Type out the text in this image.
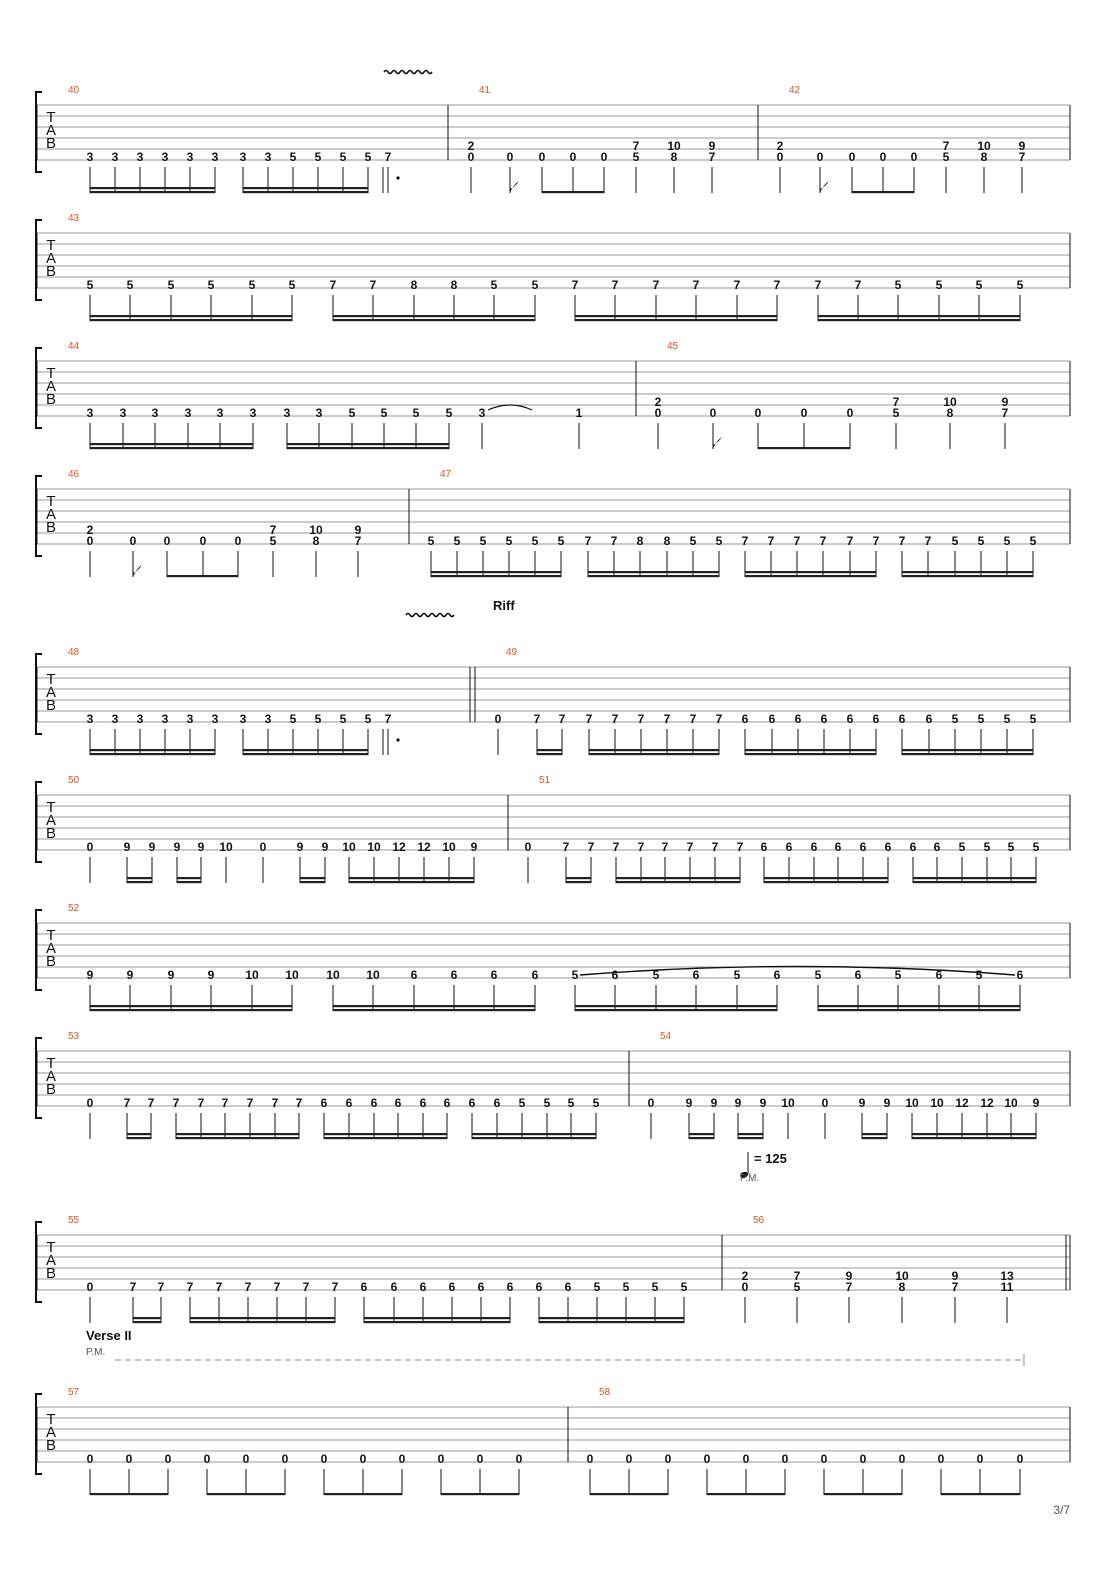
T
A
B
40
3 3 3 3 3 3 3 3 5 5 5 5 7
41
2
0	0 0 0 0
7
5
10
8
9
7
42
2
0	0 0 0 0
7
5
10
8
9
7
T
A
B
43
5	5	5	5	5	5	7	7	8	8	5	5	7	7	7	7	7	7	7	7	5	5	5	5
T
A
B
44
3 3 3 3 3 3 3 3 5 5 5 5 3	1
45
2
0	0	0	0	0
7
5
10
8
9
7
T
A
B
46
2
0	0 0 0 0
7
5
10
8
9
7
47
5 5 5 5 5 5 7 7 8 8 5 5 7 7 7 7 7 7 7 7 5 5 5 5
T
A
B
48
3 3 3 3 3 3 3 3 5 5 5 5 7
49
0	7 7 7 7 7 7 7 7 6 6 6 6 6 6 6 6 5 5 5 5
T
A
B
50
0	9 9 9 9 10 0	9 9 10 10 12 12 10 9
51
0	7 7 7 7 7 7 7 7 6 6 6 6 6 6 6 6 5 5 5 5
T
A
B
52
9	9	9	9	10 10 10 10	6	6	6	6	5	6	5	6	5	6	5	6	5	6	5	6
T
A
B
53
0	7 7 7 7 7 7 7 7 6 6 6 6 6 6 6 6 5 5 5 5
54
0	9 9 9 9 10 0	9 9 10 10 12 12 10 9
T
A
B
55
0	7 7 7 7 7 7 7 7 6 6 6 6 6 6 6 6 5 5 5 5
56
2
0
7
5
9
7
10
8
9
7
13
11
T
A
B
57
0	0	0	0	0	0	0	0	0	0	0	0
58
0	0	0	0	0	0	0	0	0	0	0	0
Riff
Verse II
= 125
P.M.
P.M.
3/7
